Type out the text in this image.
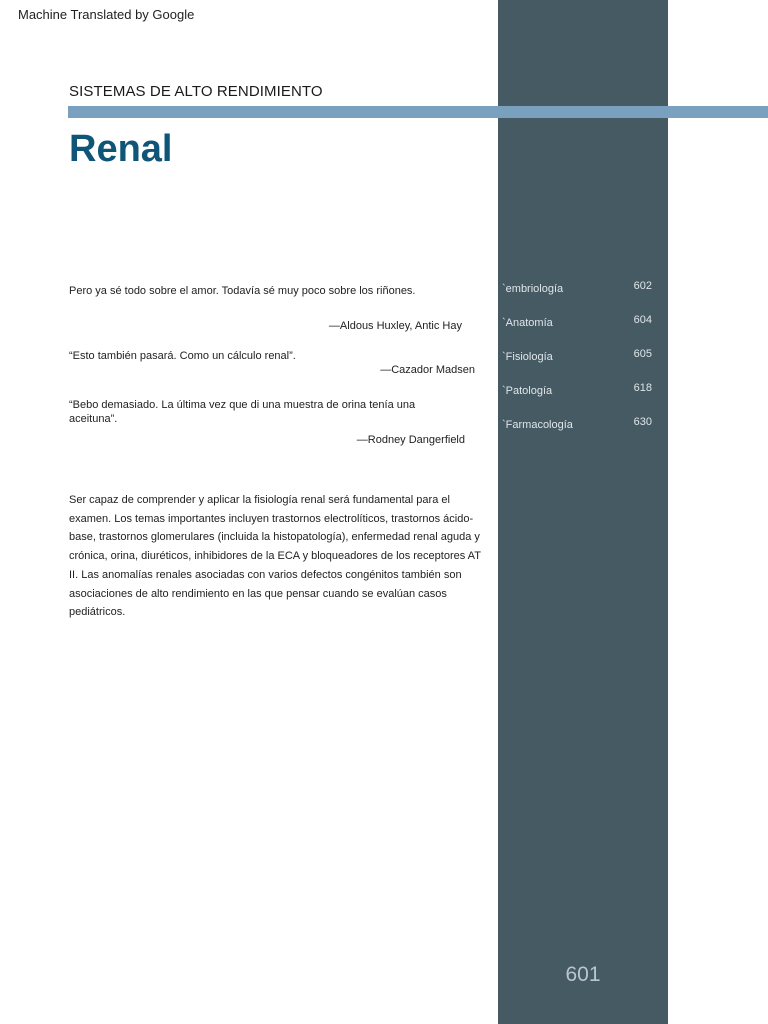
Machine Translated by Google
SISTEMAS DE ALTO RENDIMIENTO
Renal
Pero ya sé todo sobre el amor. Todavía sé muy poco sobre los riñones.
—Aldous Huxley, Antic Hay
“Esto también pasará. Como un cálculo renal”.
—Cazador Madsen
“Bebo demasiado. La última vez que di una muestra de orina tenía una aceituna”.
—Rodney Dangerfield
Ser capaz de comprender y aplicar la fisiología renal será fundamental para el examen. Los temas importantes incluyen trastornos electrolíticos, trastornos ácido-base, trastornos glomerulares (incluida la histopatología), enfermedad renal aguda y crónica, orina, diuréticos, inhibidores de la ECA y bloqueadores de los receptores AT II. Las anomalías renales asociadas con varios defectos congénitos también son asociaciones de alto rendimiento en las que pensar cuando se evalúan casos pediátricos.
`embriología	602
`Anatomía	604
`Fisiología	605
`Patología	618
`Farmacología	630
601
